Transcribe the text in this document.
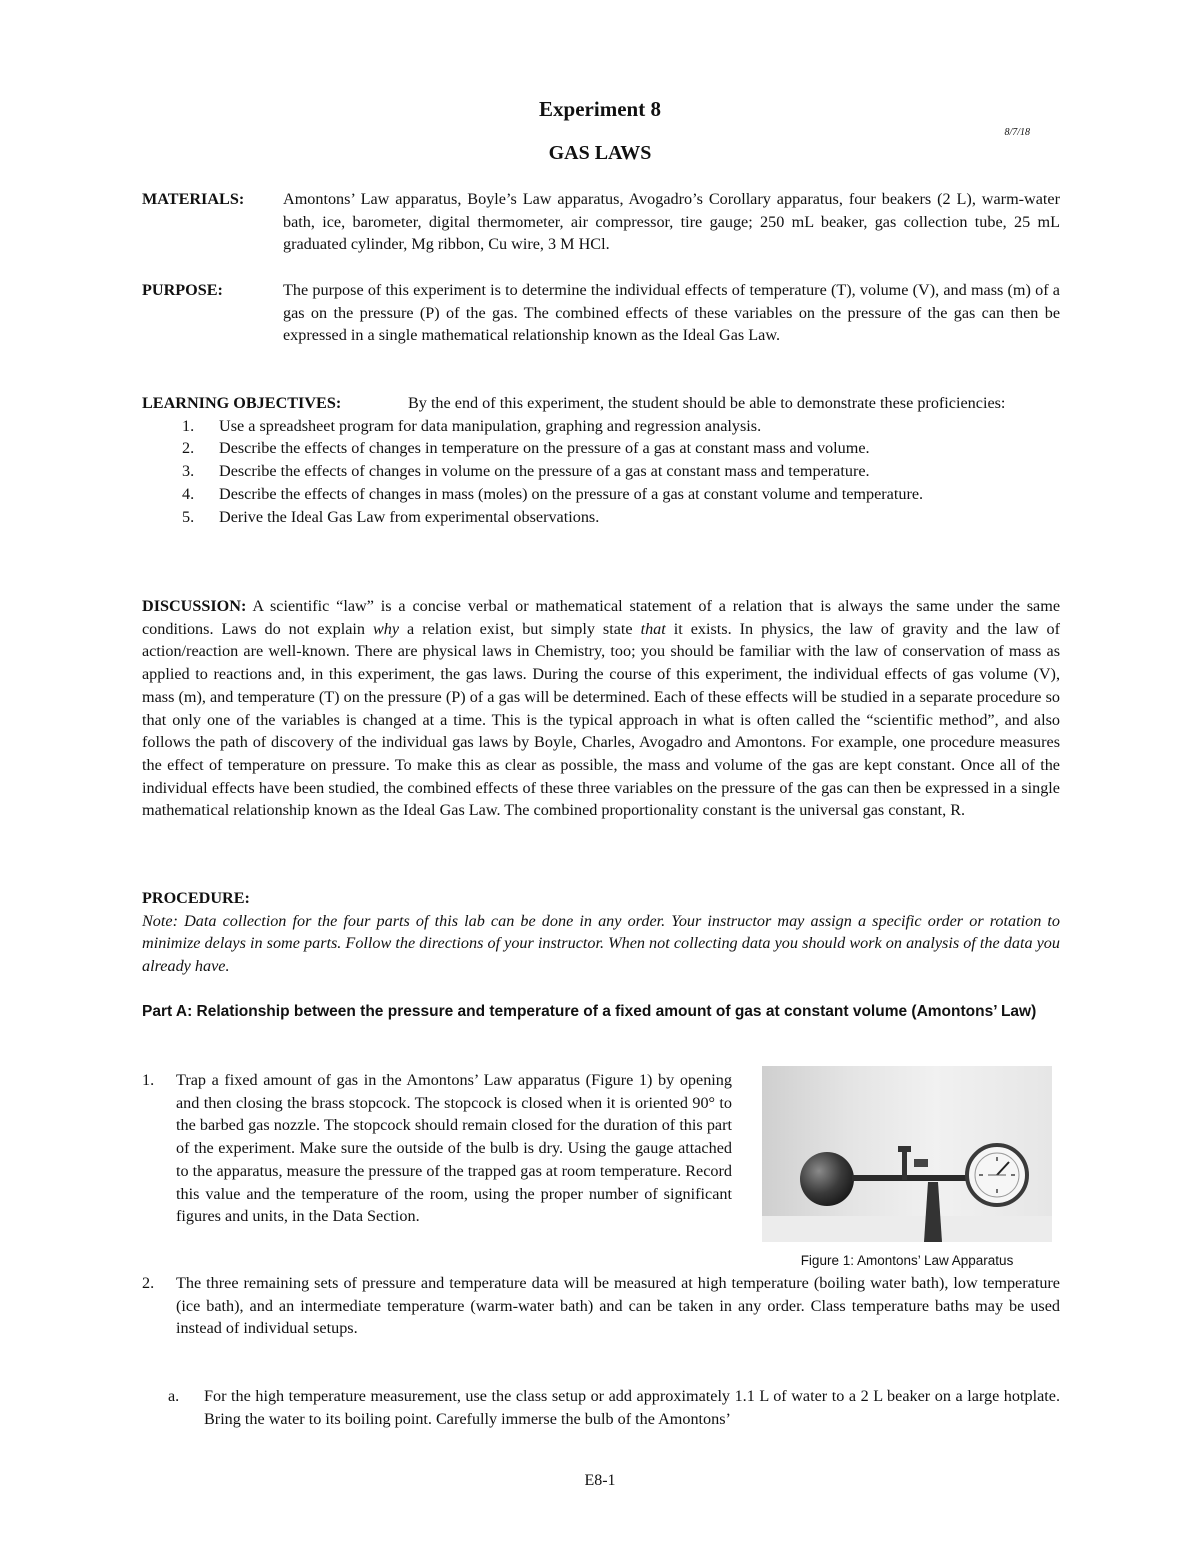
Experiment 8
8/7/18
GAS LAWS
MATERIALS:	Amontons’ Law apparatus, Boyle’s Law apparatus, Avogadro’s Corollary apparatus, four beakers (2 L), warm-water bath, ice, barometer, digital thermometer, air compressor, tire gauge; 250 mL beaker, gas collection tube, 25 mL graduated cylinder, Mg ribbon, Cu wire, 3 M HCl.
PURPOSE:	The purpose of this experiment is to determine the individual effects of temperature (T), volume (V), and mass (m) of a gas on the pressure (P) of the gas. The combined effects of these variables on the pressure of the gas can then be expressed in a single mathematical relationship known as the Ideal Gas Law.
LEARNING OBJECTIVES:	By the end of this experiment, the student should be able to demonstrate these proficiencies:
1.	Use a spreadsheet program for data manipulation, graphing and regression analysis.
2.	Describe the effects of changes in temperature on the pressure of a gas at constant mass and volume.
3.	Describe the effects of changes in volume on the pressure of a gas at constant mass and temperature.
4.	Describe the effects of changes in mass (moles) on the pressure of a gas at constant volume and temperature.
5.	Derive the Ideal Gas Law from experimental observations.
DISCUSSION: A scientific “law” is a concise verbal or mathematical statement of a relation that is always the same under the same conditions. Laws do not explain why a relation exist, but simply state that it exists. In physics, the law of gravity and the law of action/reaction are well-known. There are physical laws in Chemistry, too; you should be familiar with the law of conservation of mass as applied to reactions and, in this experiment, the gas laws. During the course of this experiment, the individual effects of gas volume (V), mass (m), and temperature (T) on the pressure (P) of a gas will be determined. Each of these effects will be studied in a separate procedure so that only one of the variables is changed at a time. This is the typical approach in what is often called the “scientific method”, and also follows the path of discovery of the individual gas laws by Boyle, Charles, Avogadro and Amontons. For example, one procedure measures the effect of temperature on pressure. To make this as clear as possible, the mass and volume of the gas are kept constant. Once all of the individual effects have been studied, the combined effects of these three variables on the pressure of the gas can then be expressed in a single mathematical relationship known as the Ideal Gas Law. The combined proportionality constant is the universal gas constant, R.
PROCEDURE:
Note: Data collection for the four parts of this lab can be done in any order. Your instructor may assign a specific order or rotation to minimize delays in some parts. Follow the directions of your instructor. When not collecting data you should work on analysis of the data you already have.
Part A: Relationship between the pressure and temperature of a fixed amount of gas at constant volume (Amontons’ Law)
1.	Trap a fixed amount of gas in the Amontons’ Law apparatus (Figure 1) by opening and then closing the brass stopcock. The stopcock is closed when it is oriented 90° to the barbed gas nozzle. The stopcock should remain closed for the duration of this part of the experiment. Make sure the outside of the bulb is dry. Using the gauge attached to the apparatus, measure the pressure of the trapped gas at room temperature. Record this value and the temperature of the room, using the proper number of significant figures and units, in the Data Section.
Figure 1: Amontons’ Law Apparatus
2.	The three remaining sets of pressure and temperature data will be measured at high temperature (boiling water bath), low temperature (ice bath), and an intermediate temperature (warm-water bath) and can be taken in any order. Class temperature baths may be used instead of individual setups.
a.	For the high temperature measurement, use the class setup or add approximately 1.1 L of water to a 2 L beaker on a large hotplate. Bring the water to its boiling point. Carefully immerse the bulb of the Amontons’
E8-1
